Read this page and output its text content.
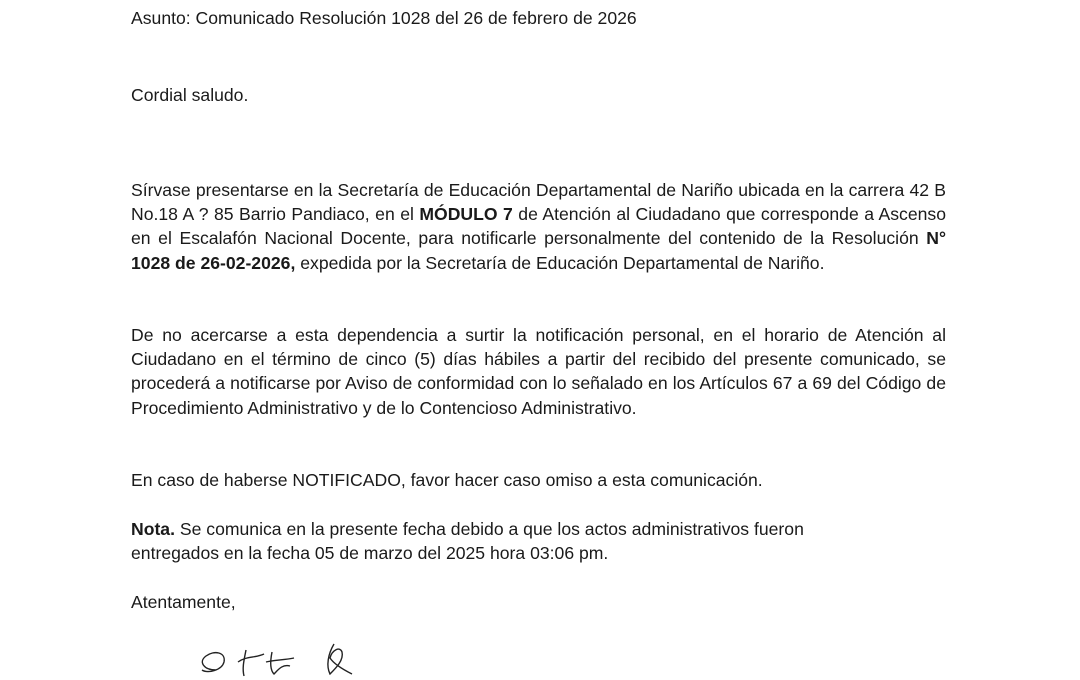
Asunto: Comunicado Resolución 1028 del 26 de febrero de 2026
Cordial saludo.

Sírvase presentarse en la Secretaría de Educación Departamental de Nariño ubicada en la carrera 42 B No.18 A ? 85 Barrio Pandiaco, en el MÓDULO 7 de Atención al Ciudadano que corresponde a Ascenso en el Escalafón Nacional Docente, para notificarle personalmente del contenido de la Resolución N° 1028 de 26-02-2026, expedida por la Secretaría de Educación Departamental de Nariño.

De no acercarse a esta dependencia a surtir la notificación personal, en el horario de Atención al Ciudadano en el término de cinco (5) días hábiles a partir del recibido del presente comunicado, se procederá a notificarse por Aviso de conformidad con lo señalado en los Artículos 67 a 69 del Código de Procedimiento Administrativo y de lo Contencioso Administrativo.

En caso de haberse NOTIFICADO, favor hacer caso omiso a esta comunicación.

Nota. Se comunica en la presente fecha debido a que los actos administrativos fueron entregados en la fecha 05 de marzo del 2025 hora 03:06 pm.

Atentamente,
